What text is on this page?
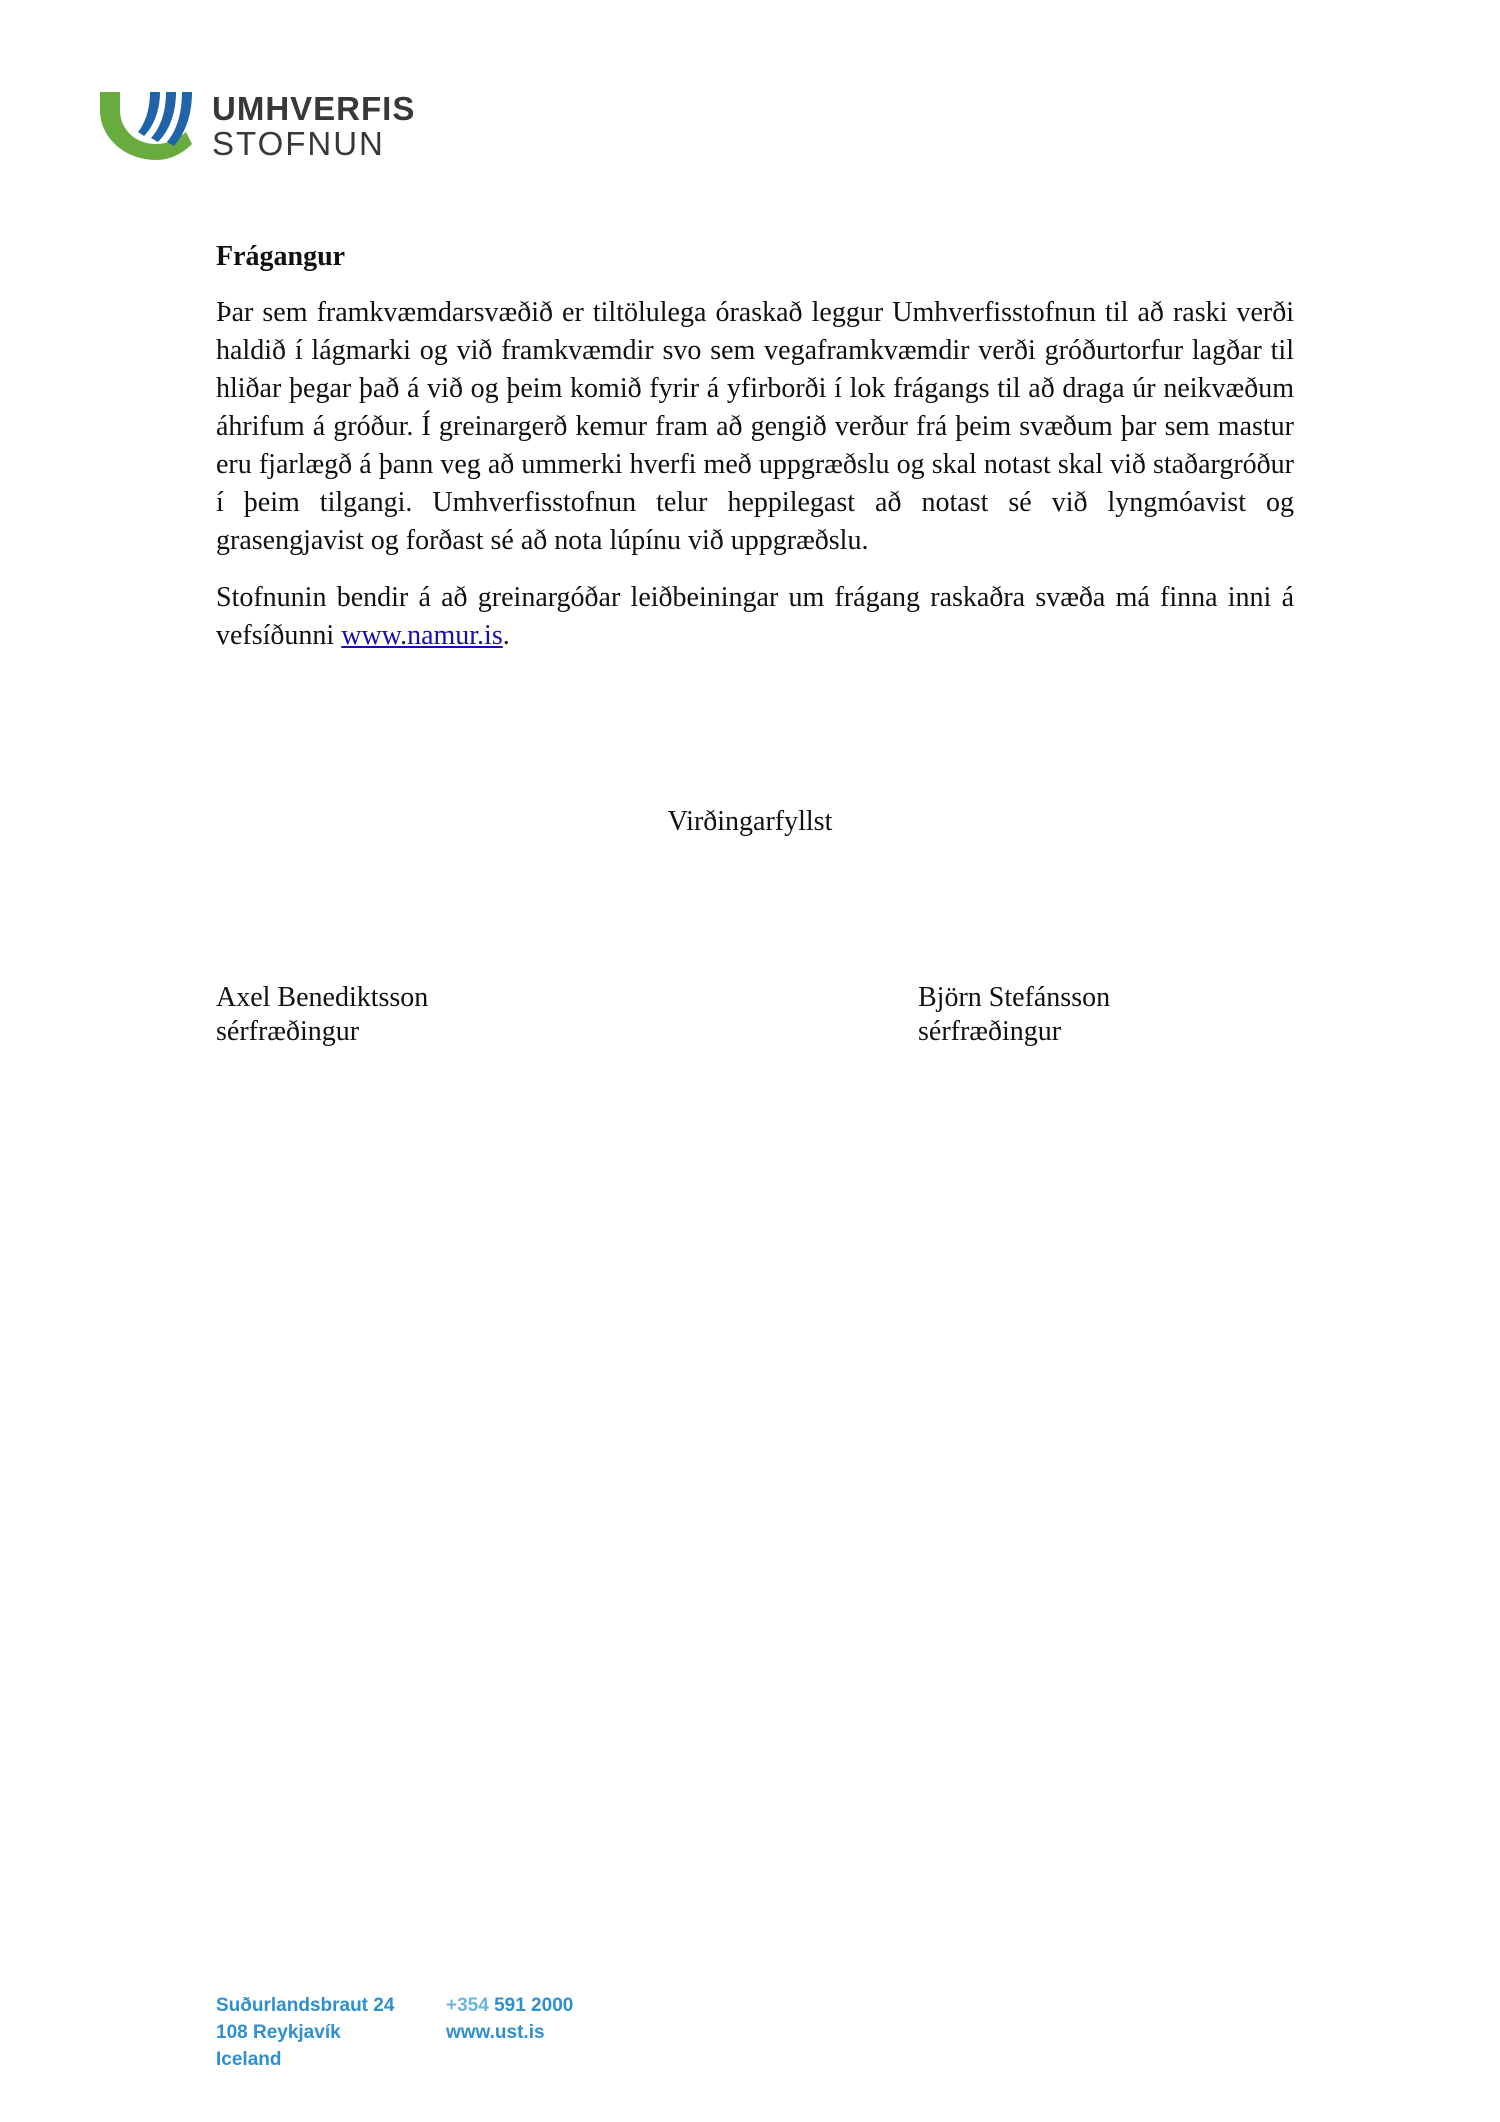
UMHVERFIS
STOFNUN
Frágangur

Þar sem framkvæmdarsvæðið er tiltölulega óraskað leggur Umhverfisstofnun til að raski verði haldið í lágmarki og við framkvæmdir svo sem vegaframkvæmdir verði gróðurtorfur lagðar til hliðar þegar það á við og þeim komið fyrir á yfirborði í lok frágangs til að draga úr neikvæðum áhrifum á gróður. Í greinargerð kemur fram að gengið verður frá þeim svæðum þar sem mastur eru fjarlægð á þann veg að ummerki hverfi með uppgræðslu og skal notast skal við staðargróður í þeim tilgangi. Umhverfisstofnun telur heppilegast að notast sé við lyngmóavist og grasengjavist og forðast sé að nota lúpínu við uppgræðslu.

Stofnunin bendir á að greinargóðar leiðbeiningar um frágang raskaðra svæða má finna inni á vefsíðunni www.namur.is.

Virðingarfyllst
Axel Benediktsson
sérfræðingur
Björn Stefánsson
sérfræðingur
Suðurlandsbraut 24
108 Reykjavík
Iceland
+354 591 2000
www.ust.is
